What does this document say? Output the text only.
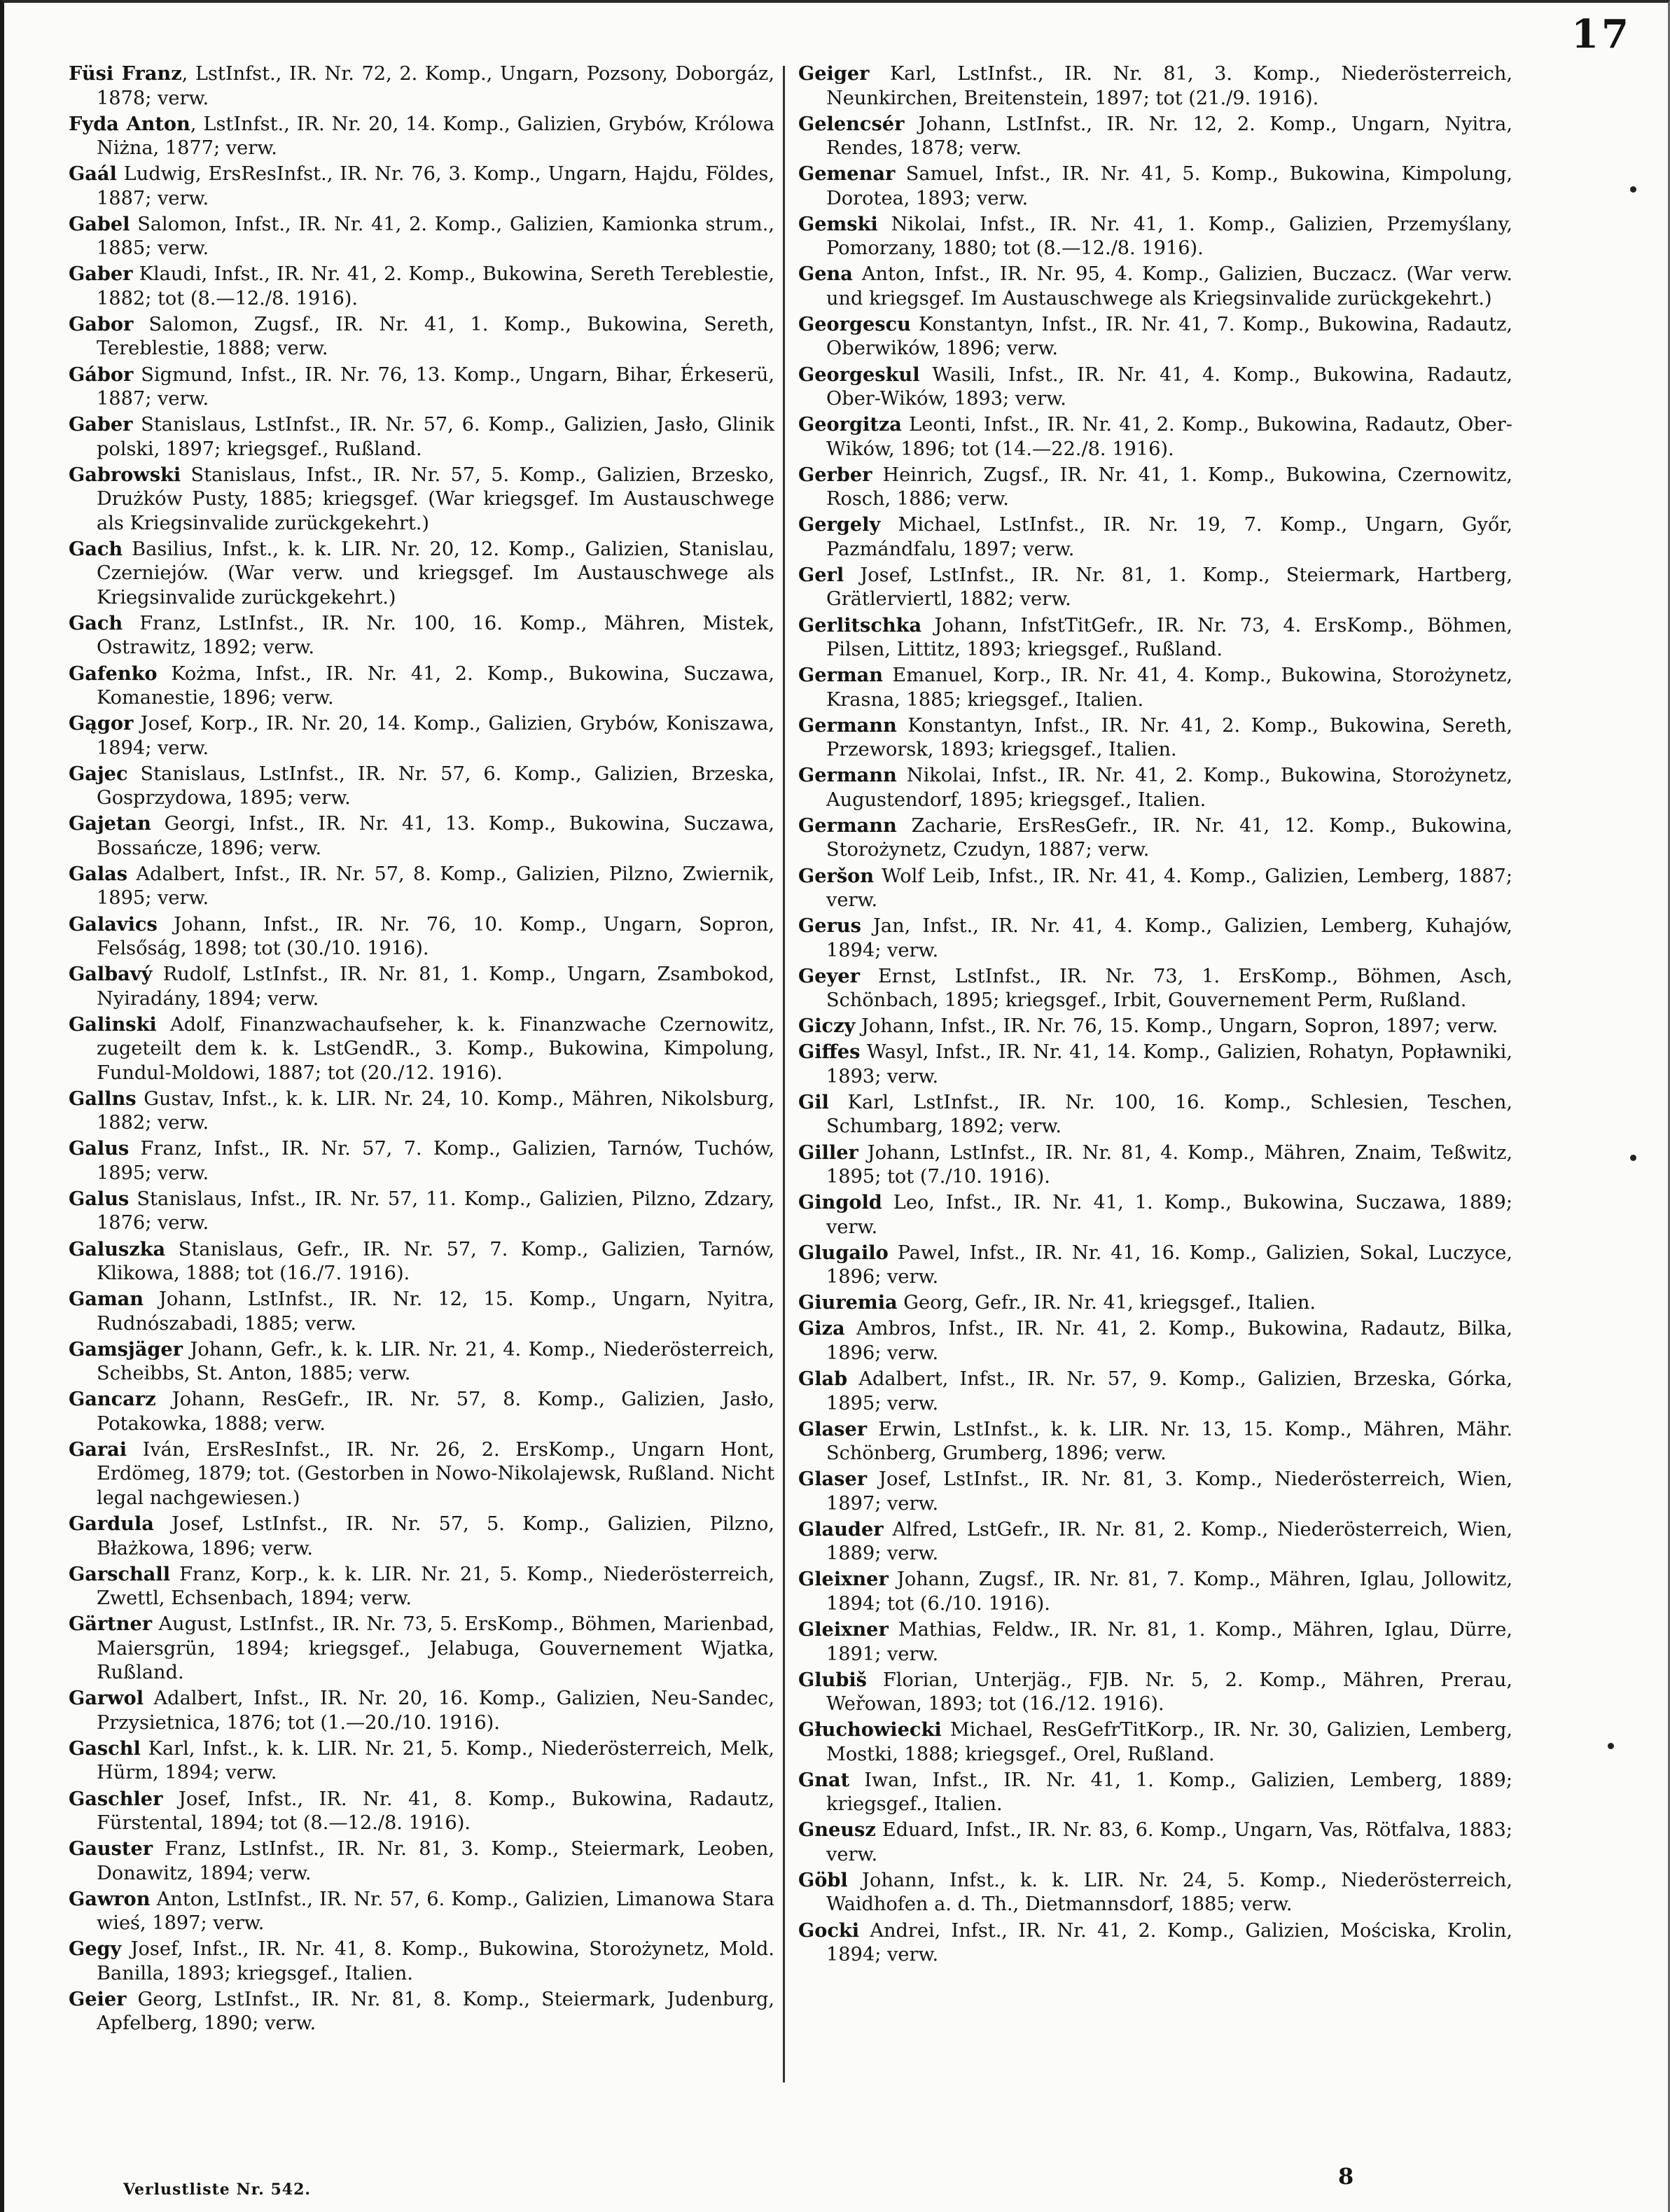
17

Füsi Franz, LstInfst., IR. Nr. 72, 2. Komp., Ungarn, Pozsony, Doborgáz, 1878; verw.

Fyda Anton, LstInfst., IR. Nr. 20, 14. Komp., Galizien, Grybów, Królowa Niżna, 1877; verw.

Gaál Ludwig, ErsResInfst., IR. Nr. 76, 3. Komp., Ungarn, Hajdu, Földes, 1887; verw.

Gabel Salomon, Infst., IR. Nr. 41, 2. Komp., Galizien, Kamionka strum., 1885; verw.

Gaber Klaudi, Infst., IR. Nr. 41, 2. Komp., Bukowina, Sereth Tereblestie, 1882; tot (8.—12./8. 1916).

Gabor Salomon, Zugsf., IR. Nr. 41, 1. Komp., Bukowina, Sereth, Tereblestie, 1888; verw.

Gábor Sigmund, Infst., IR. Nr. 76, 13. Komp., Ungarn, Bihar, Érkeserü, 1887; verw.

Gaber Stanislaus, LstInfst., IR. Nr. 57, 6. Komp., Galizien, Jasło, Glinik polski, 1897; kriegsgef., Rußland.

Gabrowski Stanislaus, Infst., IR. Nr. 57, 5. Komp., Galizien, Brzesko, Drużków Pusty, 1885; kriegsgef. (War kriegsgef. Im Austauschwege als Kriegsinvalide zurückgekehrt.)

Gach Basilius, Infst., k. k. LIR. Nr. 20, 12. Komp., Galizien, Stanislau, Czerniejów. (War verw. und kriegsgef. Im Austauschwege als Kriegsinvalide zurückgekehrt.)

Gach Franz, LstInfst., IR. Nr. 100, 16. Komp., Mähren, Mistek, Ostrawitz, 1892; verw.

Gafenko Kożma, Infst., IR. Nr. 41, 2. Komp., Bukowina, Suczawa, Komanestie, 1896; verw.

Gągor Josef, Korp., IR. Nr. 20, 14. Komp., Galizien, Grybów, Koniszawa, 1894; verw.

Gajec Stanislaus, LstInfst., IR. Nr. 57, 6. Komp., Galizien, Brzeska, Gosprzydowa, 1895; verw.

Gajetan Georgi, Infst., IR. Nr. 41, 13. Komp., Bukowina, Suczawa, Bossańcze, 1896; verw.

Galas Adalbert, Infst., IR. Nr. 57, 8. Komp., Galizien, Pilzno, Zwiernik, 1895; verw.

Galavics Johann, Infst., IR. Nr. 76, 10. Komp., Ungarn, Sopron, Felsőság, 1898; tot (30./10. 1916).

Galbavý Rudolf, LstInfst., IR. Nr. 81, 1. Komp., Ungarn, Zsambokod, Nyiradány, 1894; verw.

Galinski Adolf, Finanzwachaufseher, k. k. Finanzwache Czernowitz, zugeteilt dem k. k. LstGendR., 3. Komp., Bukowina, Kimpolung, Fundul-Moldowi, 1887; tot (20./12. 1916).

Gallns Gustav, Infst., k. k. LIR. Nr. 24, 10. Komp., Mähren, Nikolsburg, 1882; verw.

Galus Franz, Infst., IR. Nr. 57, 7. Komp., Galizien, Tarnów, Tuchów, 1895; verw.

Galus Stanislaus, Infst., IR. Nr. 57, 11. Komp., Galizien, Pilzno, Zdzary, 1876; verw.

Galuszka Stanislaus, Gefr., IR. Nr. 57, 7. Komp., Galizien, Tarnów, Klikowa, 1888; tot (16./7. 1916).

Gaman Johann, LstInfst., IR. Nr. 12, 15. Komp., Ungarn, Nyitra, Rudnószabadi, 1885; verw.

Gamsjäger Johann, Gefr., k. k. LIR. Nr. 21, 4. Komp., Niederösterreich, Scheibbs, St. Anton, 1885; verw.

Gancarz Johann, ResGefr., IR. Nr. 57, 8. Komp., Galizien, Jasło, Potakowka, 1888; verw.

Garai Iván, ErsResInfst., IR. Nr. 26, 2. ErsKomp., Ungarn Hont, Erdömeg, 1879; tot. (Gestorben in Nowo-Nikolajewsk, Rußland. Nicht legal nachgewiesen.)

Gardula Josef, LstInfst., IR. Nr. 57, 5. Komp., Galizien, Pilzno, Błażkowa, 1896; verw.

Garschall Franz, Korp., k. k. LIR. Nr. 21, 5. Komp., Niederösterreich, Zwettl, Echsenbach, 1894; verw.

Gärtner August, LstInfst., IR. Nr. 73, 5. ErsKomp., Böhmen, Marienbad, Maiersgrün, 1894; kriegsgef., Jelabuga, Gouvernement Wjatka, Rußland.

Garwol Adalbert, Infst., IR. Nr. 20, 16. Komp., Galizien, Neu-Sandec, Przysietnica, 1876; tot (1.—20./10. 1916).

Gaschl Karl, Infst., k. k. LIR. Nr. 21, 5. Komp., Niederösterreich, Melk, Hürm, 1894; verw.

Gaschler Josef, Infst., IR. Nr. 41, 8. Komp., Bukowina, Radautz, Fürstental, 1894; tot (8.—12./8. 1916).

Gauster Franz, LstInfst., IR. Nr. 81, 3. Komp., Steiermark, Leoben, Donawitz, 1894; verw.

Gawron Anton, LstInfst., IR. Nr. 57, 6. Komp., Galizien, Limanowa Stara wieś, 1897; verw.

Gegy Josef, Infst., IR. Nr. 41, 8. Komp., Bukowina, Storożynetz, Mold. Banilla, 1893; kriegsgef., Italien.

Geier Georg, LstInfst., IR. Nr. 81, 8. Komp., Steiermark, Judenburg, Apfelberg, 1890; verw.

Geiger Karl, LstInfst., IR. Nr. 81, 3. Komp., Niederösterreich, Neunkirchen, Breitenstein, 1897; tot (21./9. 1916).

Gelencsér Johann, LstInfst., IR. Nr. 12, 2. Komp., Ungarn, Nyitra, Rendes, 1878; verw.

Gemenar Samuel, Infst., IR. Nr. 41, 5. Komp., Bukowina, Kimpolung, Dorotea, 1893; verw.

Gemski Nikolai, Infst., IR. Nr. 41, 1. Komp., Galizien, Przemyślany, Pomorzany, 1880; tot (8.—12./8. 1916).

Gena Anton, Infst., IR. Nr. 95, 4. Komp., Galizien, Buczacz. (War verw. und kriegsgef. Im Austauschwege als Kriegsinvalide zurückgekehrt.)

Georgescu Konstantyn, Infst., IR. Nr. 41, 7. Komp., Bukowina, Radautz, Oberwików, 1896; verw.

Georgeskul Wasili, Infst., IR. Nr. 41, 4. Komp., Bukowina, Radautz, Ober-Wików, 1893; verw.

Georgitza Leonti, Infst., IR. Nr. 41, 2. Komp., Bukowina, Radautz, Ober-Wików, 1896; tot (14.—22./8. 1916).

Gerber Heinrich, Zugsf., IR. Nr. 41, 1. Komp., Bukowina, Czernowitz, Rosch, 1886; verw.

Gergely Michael, LstInfst., IR. Nr. 19, 7. Komp., Ungarn, Győr, Pazmándfalu, 1897; verw.

Gerl Josef, LstInfst., IR. Nr. 81, 1. Komp., Steiermark, Hartberg, Grätlerviertl, 1882; verw.

Gerlitschka Johann, InfstTitGefr., IR. Nr. 73, 4. ErsKomp., Böhmen, Pilsen, Littitz, 1893; kriegsgef., Rußland.

German Emanuel, Korp., IR. Nr. 41, 4. Komp., Bukowina, Storożynetz, Krasna, 1885; kriegsgef., Italien.

Germann Konstantyn, Infst., IR. Nr. 41, 2. Komp., Bukowina, Sereth, Przeworsk, 1893; kriegsgef., Italien.

Germann Nikolai, Infst., IR. Nr. 41, 2. Komp., Bukowina, Storożynetz, Augustendorf, 1895; kriegsgef., Italien.

Germann Zacharie, ErsResGefr., IR. Nr. 41, 12. Komp., Bukowina, Storożynetz, Czudyn, 1887; verw.

Geršon Wolf Leib, Infst., IR. Nr. 41, 4. Komp., Galizien, Lemberg, 1887; verw.

Gerus Jan, Infst., IR. Nr. 41, 4. Komp., Galizien, Lemberg, Kuhajów, 1894; verw.

Geyer Ernst, LstInfst., IR. Nr. 73, 1. ErsKomp., Böhmen, Asch, Schönbach, 1895; kriegsgef., Irbit, Gouvernement Perm, Rußland.

Giczy Johann, Infst., IR. Nr. 76, 15. Komp., Ungarn, Sopron, 1897; verw.

Giffes Wasyl, Infst., IR. Nr. 41, 14. Komp., Galizien, Rohatyn, Popławniki, 1893; verw.

Gil Karl, LstInfst., IR. Nr. 100, 16. Komp., Schlesien, Teschen, Schumbarg, 1892; verw.

Giller Johann, LstInfst., IR. Nr. 81, 4. Komp., Mähren, Znaim, Teßwitz, 1895; tot (7./10. 1916).

Gingold Leo, Infst., IR. Nr. 41, 1. Komp., Bukowina, Suczawa, 1889; verw.

Glugailo Pawel, Infst., IR. Nr. 41, 16. Komp., Galizien, Sokal, Luczyce, 1896; verw.

Giuremia Georg, Gefr., IR. Nr. 41, kriegsgef., Italien.

Giza Ambros, Infst., IR. Nr. 41, 2. Komp., Bukowina, Radautz, Bilka, 1896; verw.

Glab Adalbert, Infst., IR. Nr. 57, 9. Komp., Galizien, Brzeska, Górka, 1895; verw.

Glaser Erwin, LstInfst., k. k. LIR. Nr. 13, 15. Komp., Mähren, Mähr. Schönberg, Grumberg, 1896; verw.

Glaser Josef, LstInfst., IR. Nr. 81, 3. Komp., Niederösterreich, Wien, 1897; verw.

Glauder Alfred, LstGefr., IR. Nr. 81, 2. Komp., Niederösterreich, Wien, 1889; verw.

Gleixner Johann, Zugsf., IR. Nr. 81, 7. Komp., Mähren, Iglau, Jollowitz, 1894; tot (6./10. 1916).

Gleixner Mathias, Feldw., IR. Nr. 81, 1. Komp., Mähren, Iglau, Dürre, 1891; verw.

Glubiš Florian, Unterjäg., FJB. Nr. 5, 2. Komp., Mähren, Prerau, Weřowan, 1893; tot (16./12. 1916).

Głuchowiecki Michael, ResGefrTitKorp., IR. Nr. 30, Galizien, Lemberg, Mostki, 1888; kriegsgef., Orel, Rußland.

Gnat Iwan, Infst., IR. Nr. 41, 1. Komp., Galizien, Lemberg, 1889; kriegsgef., Italien.

Gneusz Eduard, Infst., IR. Nr. 83, 6. Komp., Ungarn, Vas, Rötfalva, 1883; verw.

Göbl Johann, Infst., k. k. LIR. Nr. 24, 5. Komp., Niederösterreich, Waidhofen a. d. Th., Dietmannsdorf, 1885; verw.

Gocki Andrei, Infst., IR. Nr. 41, 2. Komp., Galizien, Mościska, Krolin, 1894; verw.

Verlustliste Nr. 542.	8
